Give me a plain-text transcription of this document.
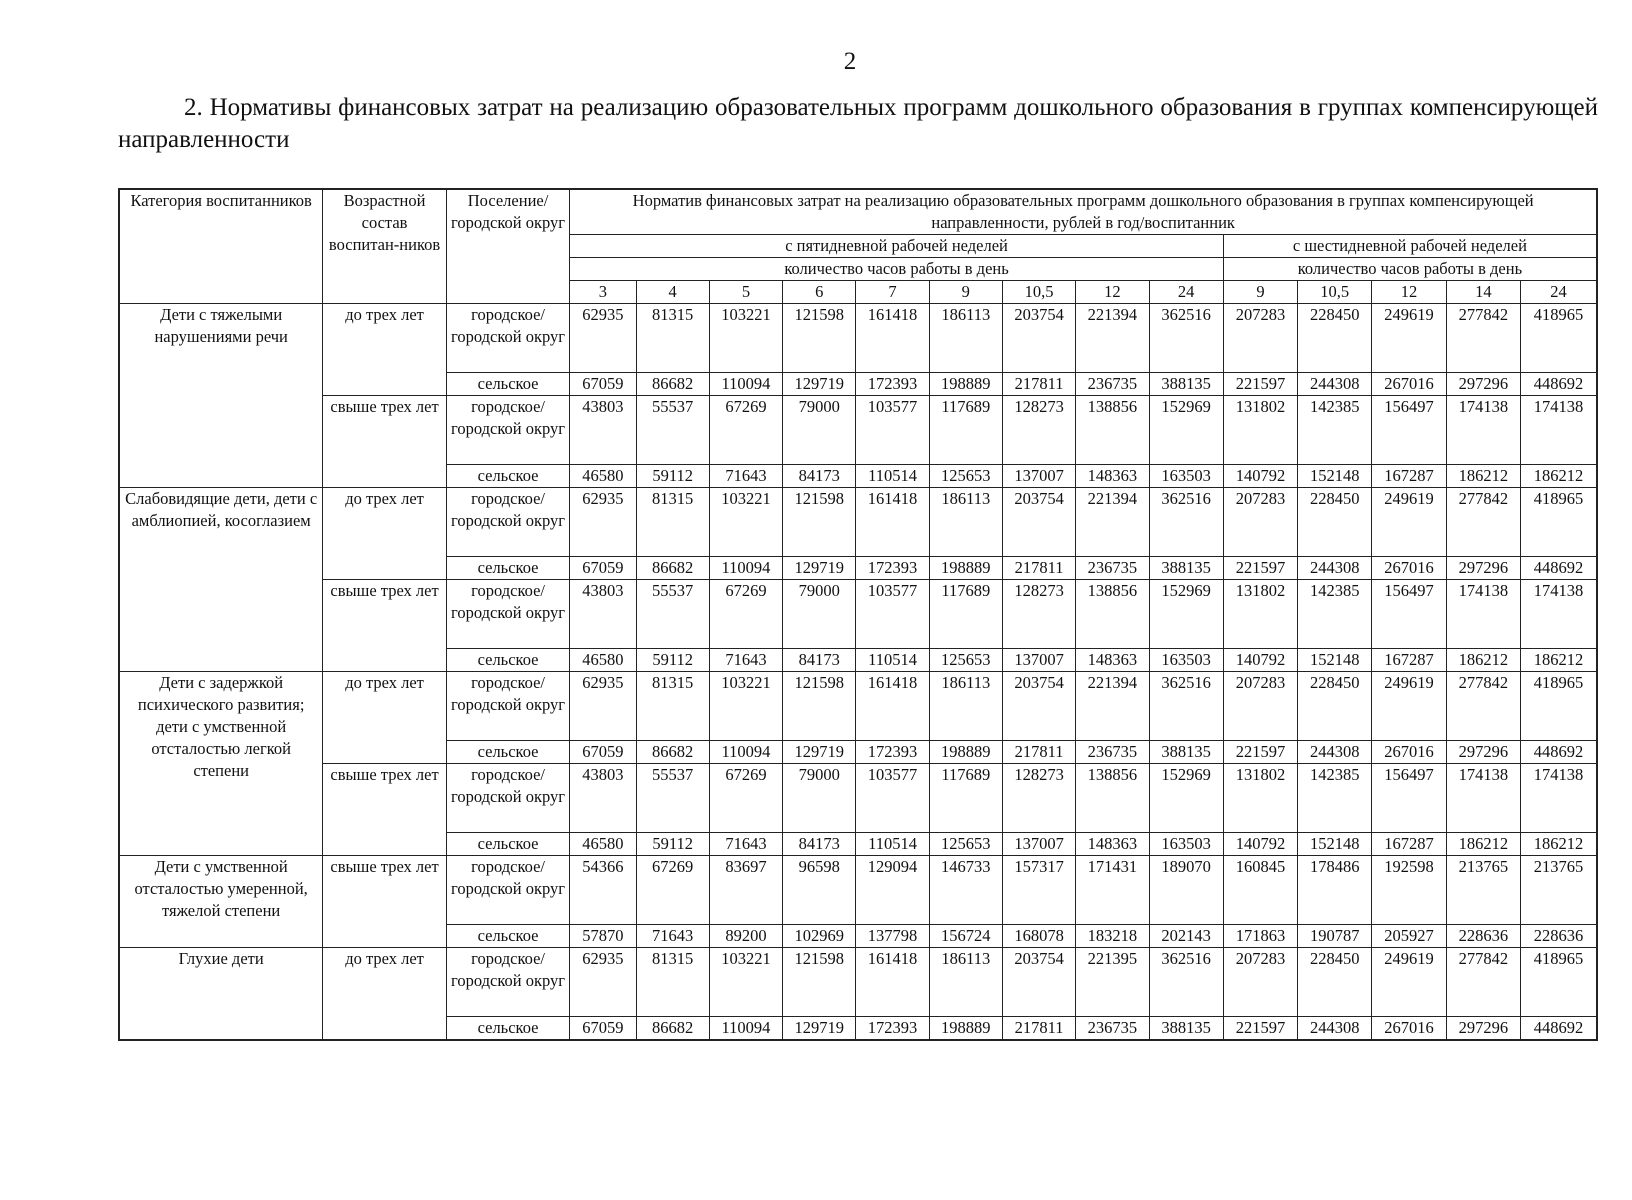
2
2. Нормативы финансовых затрат на реализацию образовательных программ дошкольного образования в группах компенсирующей направленности
Категория воспитанников	Возрастной состав воспитан-ников	Поселение/ городской округ	Норматив финансовых затрат на реализацию образовательных программ дошкольного образования в группах компенсирующей направленности, рублей в год/воспитанник													
			с пятидневной рабочей неделей									с шестидневной рабочей неделей				
			количество часов работы в день									количество часов работы в день				
			3	4	5	6	7	9	10,5	12	24	9	10,5	12	14	24
Дети с тяжелыми нарушениями речи	до трех лет	городское/ городской округ	62935	81315	103221	121598	161418	186113	203754	221394	362516	207283	228450	249619	277842	418965
		сельское	67059	86682	110094	129719	172393	198889	217811	236735	388135	221597	244308	267016	297296	448692
	свыше трех лет	городское/ городской округ	43803	55537	67269	79000	103577	117689	128273	138856	152969	131802	142385	156497	174138	174138
		сельское	46580	59112	71643	84173	110514	125653	137007	148363	163503	140792	152148	167287	186212	186212
Слабовидящие дети, дети с амблиопией, косоглазием	до трех лет	городское/ городской округ	62935	81315	103221	121598	161418	186113	203754	221394	362516	207283	228450	249619	277842	418965
		сельское	67059	86682	110094	129719	172393	198889	217811	236735	388135	221597	244308	267016	297296	448692
	свыше трех лет	городское/ городской округ	43803	55537	67269	79000	103577	117689	128273	138856	152969	131802	142385	156497	174138	174138
		сельское	46580	59112	71643	84173	110514	125653	137007	148363	163503	140792	152148	167287	186212	186212
Дети с задержкой психического развития; дети с умственной отсталостью легкой степени	до трех лет	городское/ городской округ	62935	81315	103221	121598	161418	186113	203754	221394	362516	207283	228450	249619	277842	418965
		сельское	67059	86682	110094	129719	172393	198889	217811	236735	388135	221597	244308	267016	297296	448692
	свыше трех лет	городское/ городской округ	43803	55537	67269	79000	103577	117689	128273	138856	152969	131802	142385	156497	174138	174138
		сельское	46580	59112	71643	84173	110514	125653	137007	148363	163503	140792	152148	167287	186212	186212
Дети с умственной отсталостью умеренной, тяжелой степени	свыше трех лет	городское/ городской округ	54366	67269	83697	96598	129094	146733	157317	171431	189070	160845	178486	192598	213765	213765
		сельское	57870	71643	89200	102969	137798	156724	168078	183218	202143	171863	190787	205927	228636	228636
Глухие дети	до трех лет	городское/ городской округ	62935	81315	103221	121598	161418	186113	203754	221395	362516	207283	228450	249619	277842	418965
		сельское	67059	86682	110094	129719	172393	198889	217811	236735	388135	221597	244308	267016	297296	448692
